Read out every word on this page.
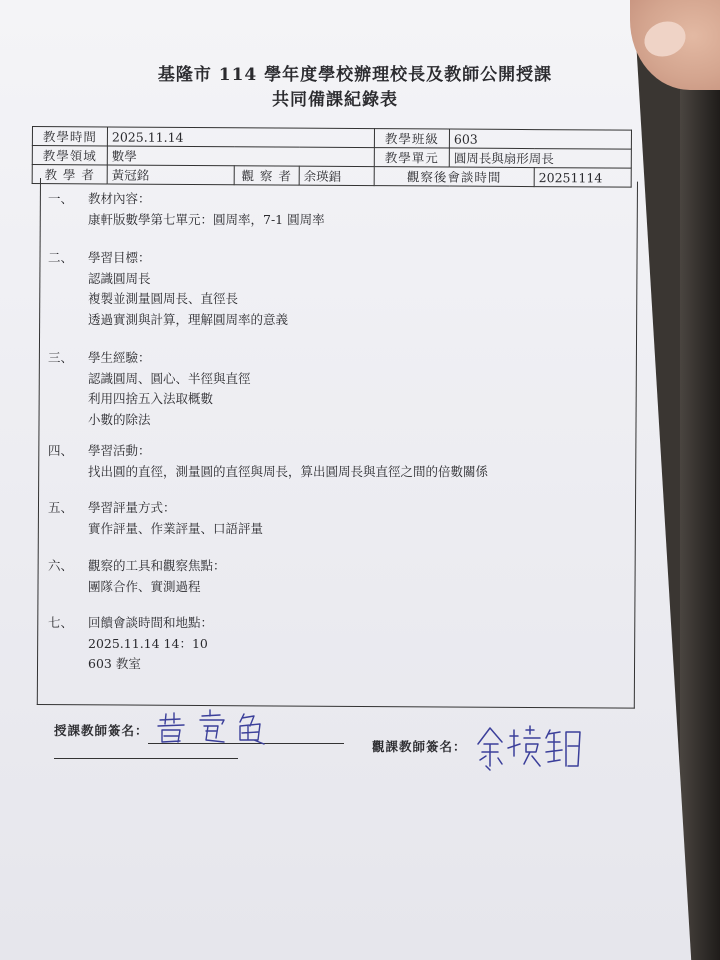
基隆市 114 學年度學校辦理校長及教師公開授課
共同備課紀錄表
教學時間	2025.11.14			教學班級	603	
教學領域	數學			教學單元	圓周長與扇形周長	
教 學 者	黃冠銘	觀 察 者	余瑛錩	觀察後會談時間		20251114
一、 教材內容：
康軒版數學第七單元：圓周率，7-1 圓周率
二、 學習目標：
認識圓周長
複製並測量圓周長、直徑長
透過實測與計算，理解圓周率的意義
三、 學生經驗：
認識圓周、圓心、半徑與直徑
利用四捨五入法取概數
小數的除法
四、 學習活動：
找出圓的直徑，測量圓的直徑與周長，算出圓周長與直徑之間的倍數關係
五、 學習評量方式：
實作評量、作業評量、口語評量
六、 觀察的工具和觀察焦點：
團隊合作、實測過程
七、 回饋會談時間和地點：
2025.11.14 14：10
603 教室
授課教師簽名：
觀課教師簽名：
